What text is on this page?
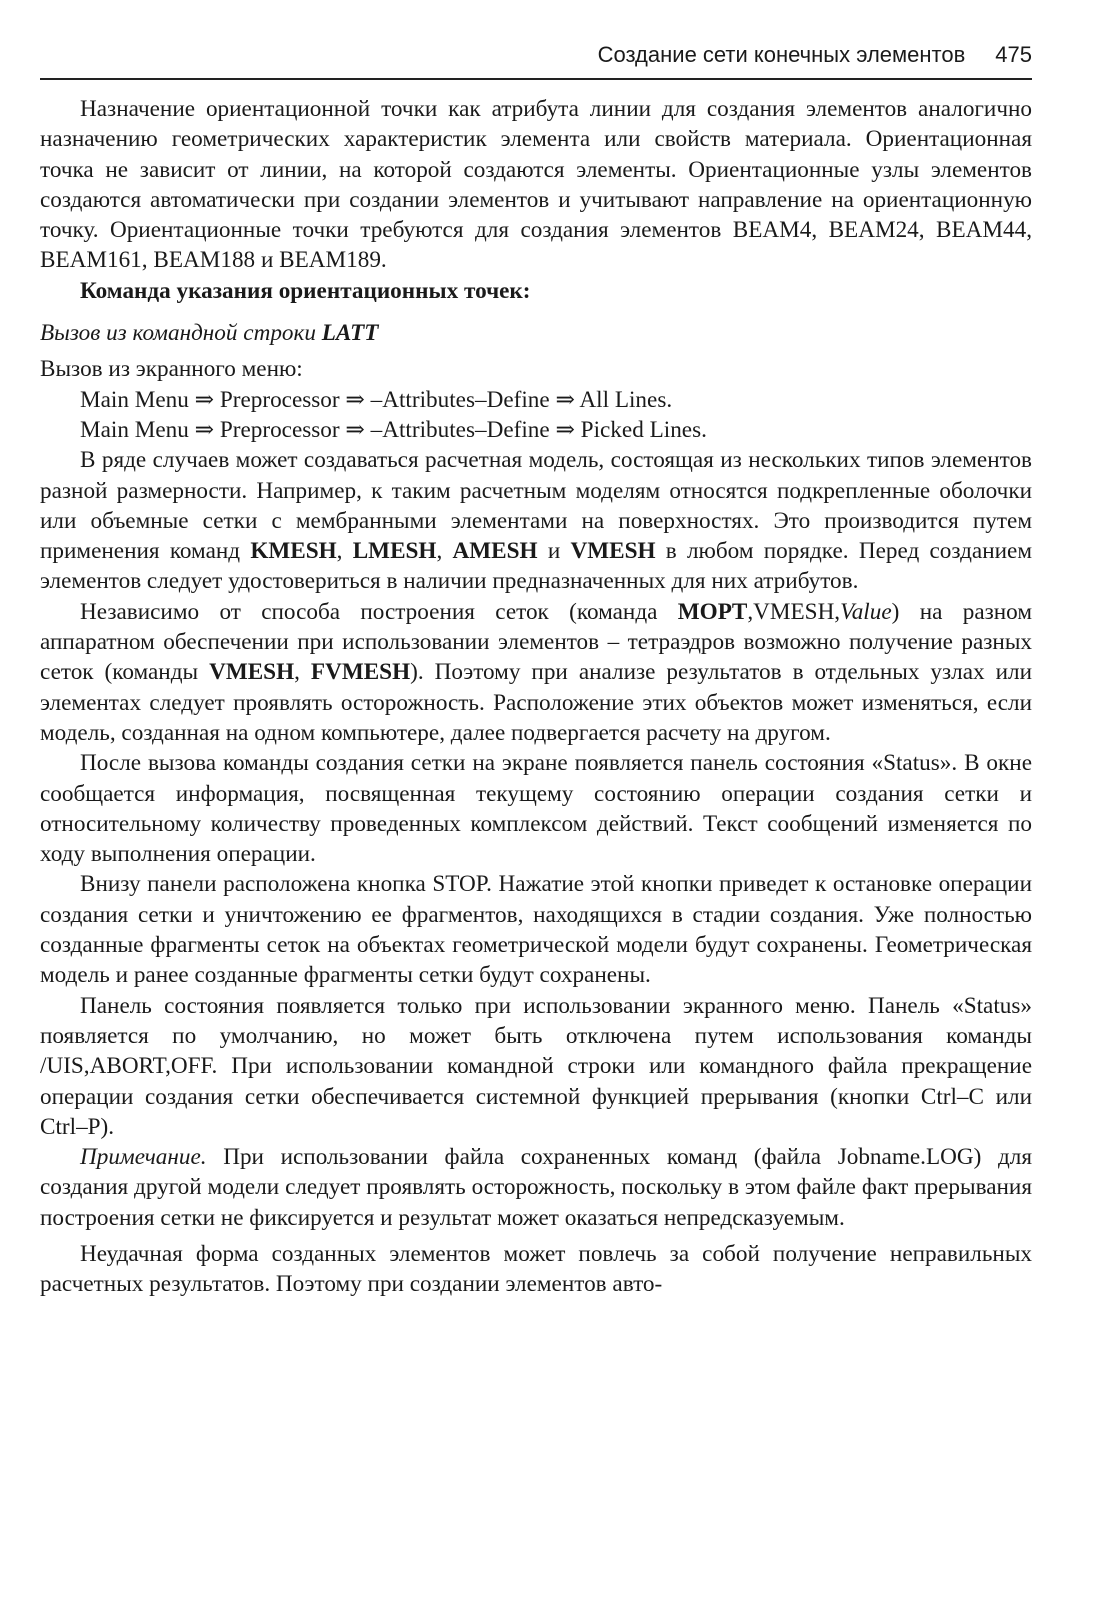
Создание сети конечных элементов 475

Назначение ориентационной точки как атрибута линии для создания элементов аналогично назначению геометрических характеристик элемента или свойств материала. Ориентационная точка не зависит от линии, на которой создаются элементы. Ориентационные узлы элементов создаются автоматически при создании элементов и учитывают направление на ориентационную точку. Ориентационные точки требуются для создания элементов BEAM4, BEAM24, BEAM44, BEAM161, BEAM188 и BEAM189.

Команда указания ориентационных точек:

Вызов из командной строки LATT

Вызов из экранного меню:

Main Menu ⇒ Preprocessor ⇒ –Attributes–Define ⇒ All Lines.

Main Menu ⇒ Preprocessor ⇒ –Attributes–Define ⇒ Picked Lines.

В ряде случаев может создаваться расчетная модель, состоящая из нескольких типов элементов разной размерности. Например, к таким расчетным моделям относятся подкрепленные оболочки или объемные сетки с мембранными элементами на поверхностях. Это производится путем применения команд KMESH, LMESH, AMESH и VMESH в любом порядке. Перед созданием элементов следует удостовериться в наличии предназначенных для них атрибутов.

Независимо от способа построения сеток (команда MOPT,VMESH,Value) на разном аппаратном обеспечении при использовании элементов – тетраэдров возможно получение разных сеток (команды VMESH, FVMESH). Поэтому при анализе результатов в отдельных узлах или элементах следует проявлять осторожность. Расположение этих объектов может изменяться, если модель, созданная на одном компьютере, далее подвергается расчету на другом.

После вызова команды создания сетки на экране появляется панель состояния «Status». В окне сообщается информация, посвященная текущему состоянию операции создания сетки и относительному количеству проведенных комплексом действий. Текст сообщений изменяется по ходу выполнения операции.

Внизу панели расположена кнопка STOP. Нажатие этой кнопки приведет к остановке операции создания сетки и уничтожению ее фрагментов, находящихся в стадии создания. Уже полностью созданные фрагменты сеток на объектах геометрической модели будут сохранены. Геометрическая модель и ранее созданные фрагменты сетки будут сохранены.

Панель состояния появляется только при использовании экранного меню. Панель «Status» появляется по умолчанию, но может быть отключена путем использования команды /UIS,ABORT,OFF. При использовании командной строки или командного файла прекращение операции создания сетки обеспечивается системной функцией прерывания (кнопки Ctrl–C или Ctrl–P).

Примечание. При использовании файла сохраненных команд (файла Jobname.LOG) для создания другой модели следует проявлять осторожность, поскольку в этом файле факт прерывания построения сетки не фиксируется и результат может оказаться непредсказуемым.

Неудачная форма созданных элементов может повлечь за собой получение неправильных расчетных результатов. Поэтому при создании элементов авто-
